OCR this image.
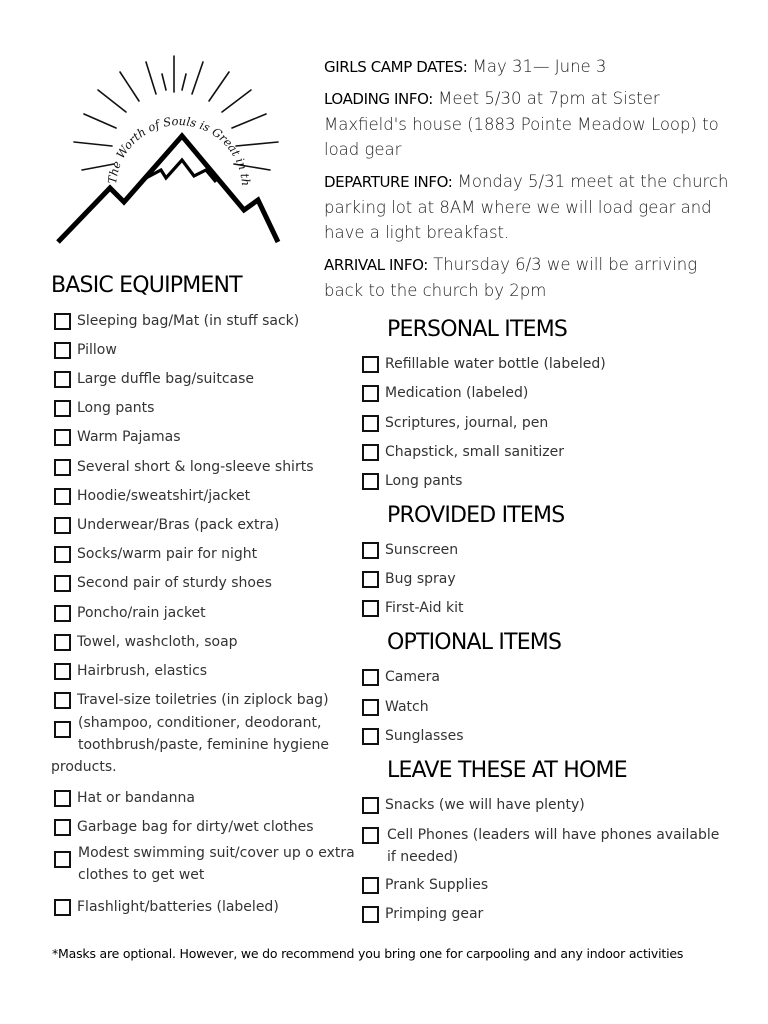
The Worth of Souls is Great in th
GIRLS CAMP DATES: May 31— June 3
LOADING INFO: Meet 5/30 at 7pm at Sister Maxfield's house (1883 Pointe Meadow Loop) to load gear
DEPARTURE INFO: Monday 5/31 meet at the church parking lot at 8AM where we will load gear and have a light breakfast.
ARRIVAL INFO: Thursday 6/3 we will be arriving back to the church by 2pm
BASIC EQUIPMENT
Sleeping bag/Mat (in stuff sack)
Pillow
Large duffle bag/suitcase
Long pants
Warm Pajamas
Several short & long-sleeve shirts
Hoodie/sweatshirt/jacket
Underwear/Bras (pack extra)
Socks/warm pair for night
Second pair of sturdy shoes
Poncho/rain jacket
Towel, washcloth, soap
Hairbrush, elastics
Travel-size toiletries (in ziplock bag)
(shampoo, conditioner, deodorant,
toothbrush/paste, feminine hygiene
products.
Hat or bandanna
Garbage bag for dirty/wet clothes
Modest swimming suit/cover up o extra
clothes to get wet
Flashlight/batteries (labeled)
PERSONAL ITEMS
Refillable water bottle (labeled)
Medication (labeled)
Scriptures, journal, pen
Chapstick, small sanitizer
Long pants
PROVIDED ITEMS
Sunscreen
Bug spray
First-Aid kit
OPTIONAL ITEMS
Camera
Watch
Sunglasses
LEAVE THESE AT HOME
Snacks (we will have plenty)
Cell Phones (leaders will have phones available
if needed)
Prank Supplies
Primping gear
*Masks are optional. However, we do recommend you bring one for carpooling and any indoor activities
